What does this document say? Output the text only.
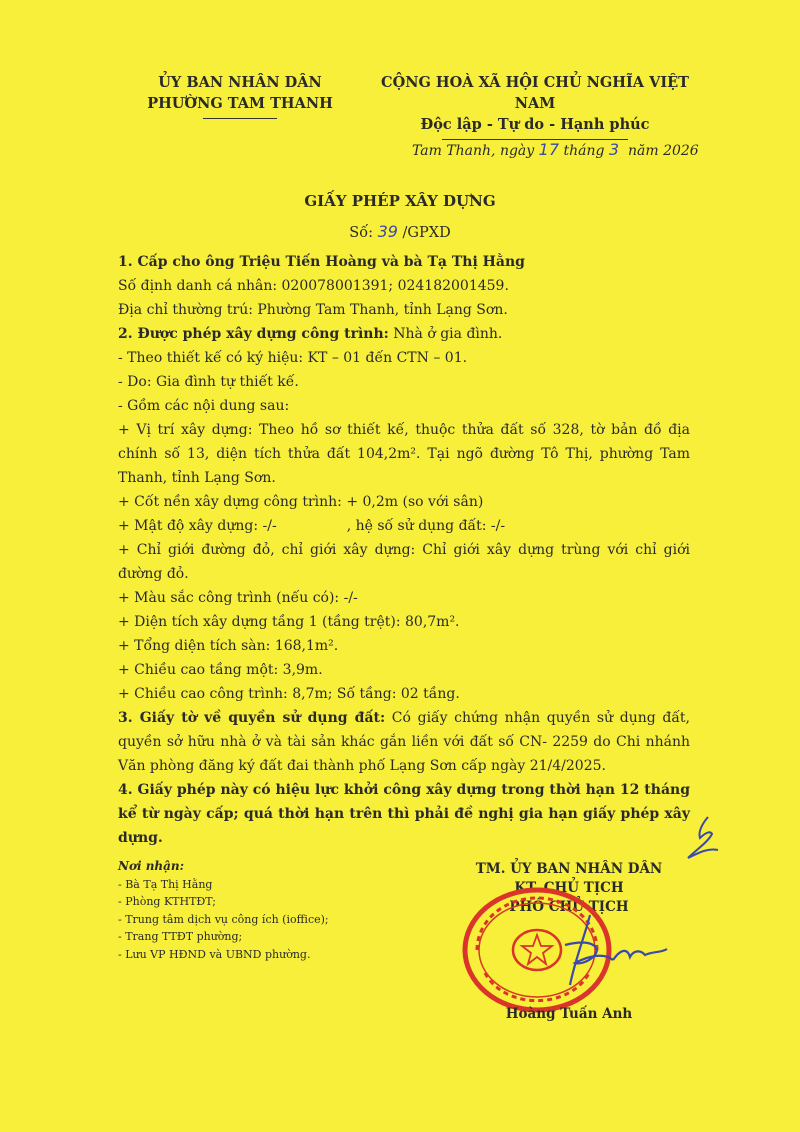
ỦY BAN NHÂN DÂN
PHƯỜNG TAM THANH
CỘNG HOÀ XÃ HỘI CHỦ NGHĨA VIỆT NAM
Độc lập - Tự do - Hạnh phúc
Tam Thanh, ngày 17 tháng 3 năm 2026
GIẤY PHÉP XÂY DỰNG
Số: 39 /GPXD

1. Cấp cho ông Triệu Tiến Hoàng và bà Tạ Thị Hằng

Số định danh cá nhân: 020078001391; 024182001459.

Địa chỉ thường trú: Phường Tam Thanh, tỉnh Lạng Sơn.

2. Được phép xây dựng công trình: Nhà ở gia đình.

- Theo thiết kế có ký hiệu: KT – 01 đến CTN – 01.

- Do: Gia đình tự thiết kế.

- Gồm các nội dung sau:

+ Vị trí xây dựng: Theo hồ sơ thiết kế, thuộc thửa đất số 328, tờ bản đồ địa chính số 13, diện tích thửa đất 104,2m². Tại ngõ đường Tô Thị, phường Tam Thanh, tỉnh Lạng Sơn.

+ Cốt nền xây dựng công trình: + 0,2m (so với sân)

+ Mật độ xây dựng: -/-	, hệ số sử dụng đất: -/-

+ Chỉ giới đường đỏ, chỉ giới xây dựng: Chỉ giới xây dựng trùng với chỉ giới đường đỏ.

+ Màu sắc công trình (nếu có): -/-

+ Diện tích xây dựng tầng 1 (tầng trệt): 80,7m².

+ Tổng diện tích sàn: 168,1m².

+ Chiều cao tầng một: 3,9m.

+ Chiều cao công trình: 8,7m; Số tầng: 02 tầng.

3. Giấy tờ về quyền sử dụng đất: Có giấy chứng nhận quyền sử dụng đất, quyền sở hữu nhà ở và tài sản khác gắn liền với đất số CN- 2259 do Chi nhánh Văn phòng đăng ký đất đai thành phố Lạng Sơn cấp ngày 21/4/2025.

4. Giấy phép này có hiệu lực khởi công xây dựng trong thời hạn 12 tháng kể từ ngày cấp; quá thời hạn trên thì phải đề nghị gia hạn giấy phép xây dựng.

Nơi nhận:
- Bà Tạ Thị Hằng
- Phòng KTHTĐT;
- Trung tâm dịch vụ công ích (ioffice);
- Trang TTĐT phường;
- Lưu VP HĐND và UBND phường.
TM. ỦY BAN NHÂN DÂN
KT. CHỦ TỊCH
PHÓ CHỦ TỊCH
Hoàng Tuấn Anh
